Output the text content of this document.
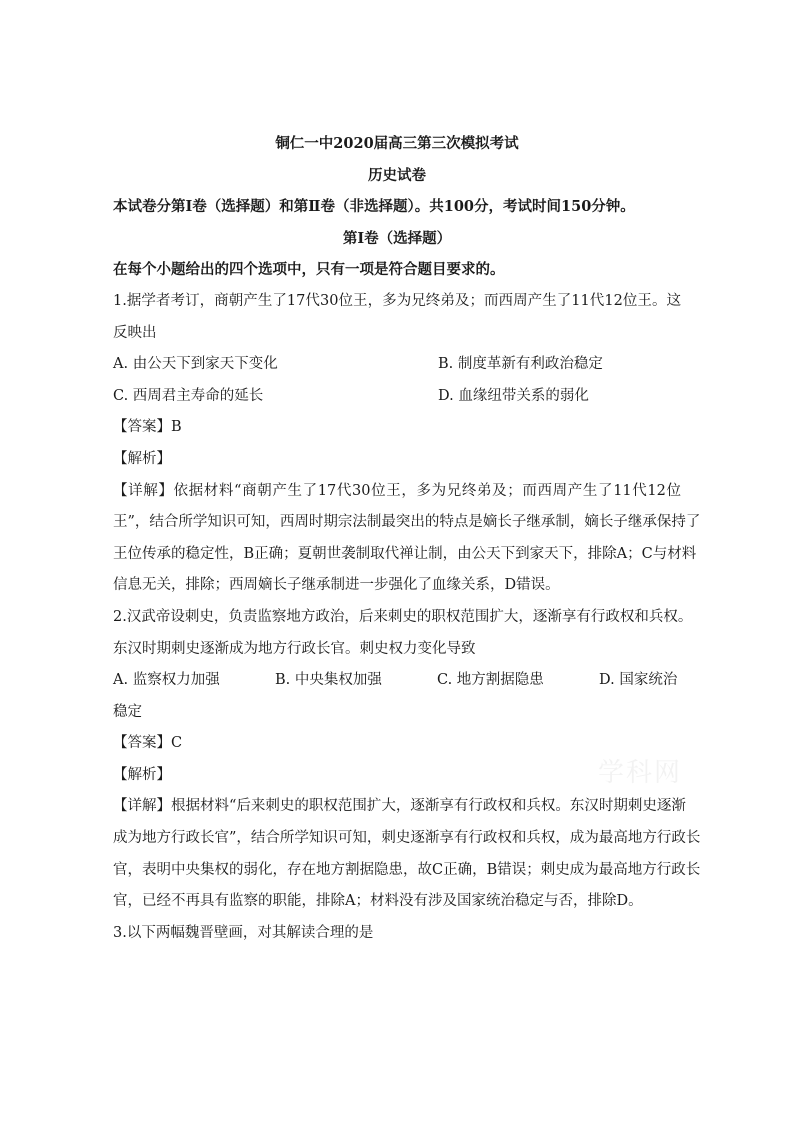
铜仁一中2020届高三第三次模拟考试
历史试卷
本试卷分第Ⅰ卷（选择题）和第Ⅱ卷（非选择题）。共100分，考试时间150分钟。
第Ⅰ卷（选择题）
在每个小题给出的四个选项中，只有一项是符合题目要求的。
1.据学者考订，商朝产生了17代30位王，多为兄终弟及；而西周产生了11代12位王。这
反映出
A. 由公天下到家天下变化	B. 制度革新有利政治稳定
C. 西周君主寿命的延长	D. 血缘纽带关系的弱化
【答案】B
【解析】
【详解】依据材料“商朝产生了17代30位王，多为兄终弟及；而西周产生了11代12位
王”，结合所学知识可知，西周时期宗法制最突出的特点是嫡长子继承制，嫡长子继承保持了
王位传承的稳定性，B正确；夏朝世袭制取代禅让制，由公天下到家天下，排除A；C与材料
信息无关，排除；西周嫡长子继承制进一步强化了血缘关系，D错误。
2.汉武帝设刺史，负责监察地方政治，后来刺史的职权范围扩大，逐渐享有行政权和兵权。
东汉时期刺史逐渐成为地方行政长官。刺史权力变化导致
A. 监察权力加强	B. 中央集权加强	C. 地方割据隐患	D. 国家统治
稳定
【答案】C
【解析】
【详解】根据材料“后来刺史的职权范围扩大，逐渐享有行政权和兵权。东汉时期刺史逐渐
成为地方行政长官”，结合所学知识可知，刺史逐渐享有行政权和兵权，成为最高地方行政长
官，表明中央集权的弱化，存在地方割据隐患，故C正确，B错误；刺史成为最高地方行政长
官，已经不再具有监察的职能，排除A；材料没有涉及国家统治稳定与否，排除D。
3.以下两幅魏晋壁画，对其解读合理的是
学科网
